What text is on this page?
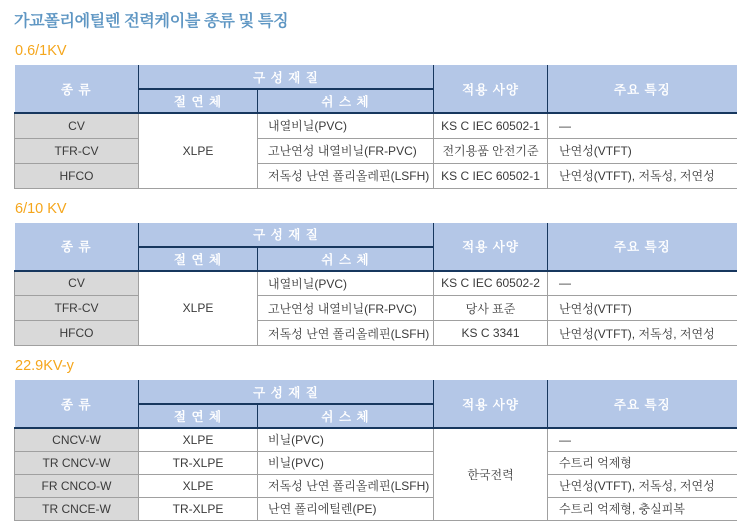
가교폴리에틸렌 전력케이블 종류 및 특징
0.6/1KV
종 류	구 성 재 질		적용 사양	주요 특징
	절 연 체	쉬 스 체		
CV	XLPE	내열비닐(PVC)	KS C IEC 60502-1	—
TFR-CV		고난연성 내열비닐(FR-PVC)	전기용품 안전기준	난연성(VTFT)
HFCO		저독성 난연 폴리올레핀(LSFH)	KS C IEC 60502-1	난연성(VTFT), 저독성, 저연성
6/10 KV
종 류	구 성 재 질		적용 사양	주요 특징
	절 연 체	쉬 스 체		
CV	XLPE	내열비닐(PVC)	KS C IEC 60502-2	—
TFR-CV		고난연성 내열비닐(FR-PVC)	당사 표준	난연성(VTFT)
HFCO		저독성 난연 폴리올레핀(LSFH)	KS C 3341	난연성(VTFT), 저독성, 저연성
22.9KV-y
종 류	구 성 재 질		적용 사양	주요 특징
	절 연 체	쉬 스 체		
CNCV-W	XLPE	비닐(PVC)	한국전력	—
TR CNCV-W	TR-XLPE	비닐(PVC)		수트리 억제형
FR CNCO-W	XLPE	저독성 난연 폴리올레핀(LSFH)		난연성(VTFT), 저독성, 저연성
TR CNCE-W	TR-XLPE	난연 폴리에틸렌(PE)		수트리 억제형, 충실피복
